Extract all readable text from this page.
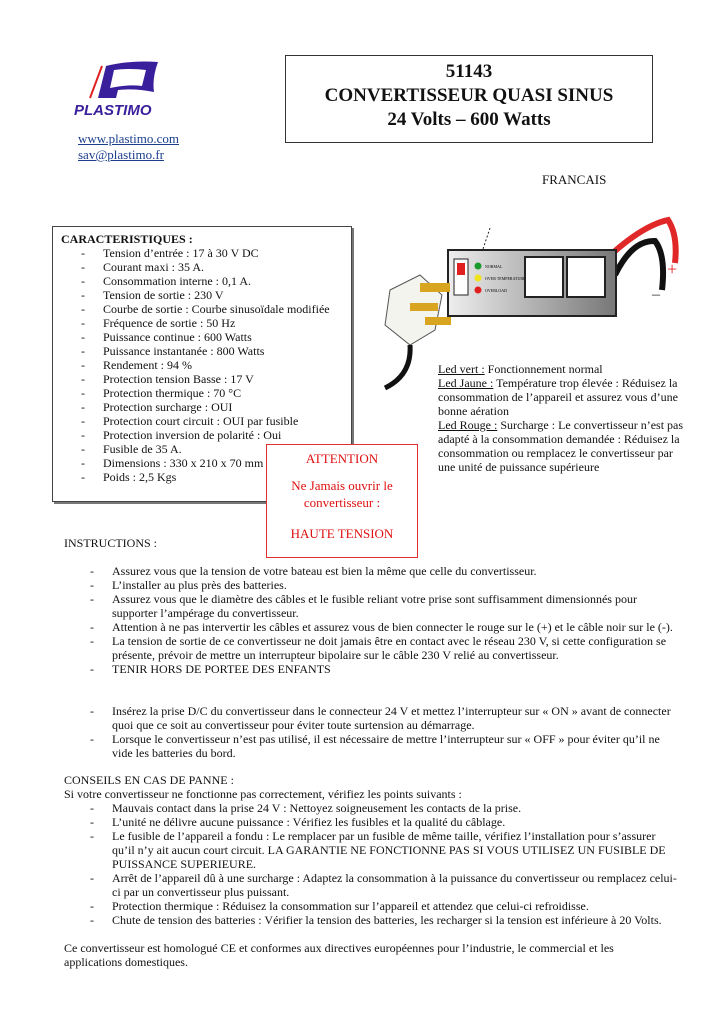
PLASTIMO
www.plastimo.com
sav@plastimo.fr
51143
CONVERTISSEUR QUASI SINUS
24 Volts – 600 Watts
FRANCAIS
CARACTERISTIQUES :
- Tension d’entrée : 17 à 30 V DC
- Courant maxi : 35 A.
- Consommation interne : 0,1 A.
- Tension de sortie : 230 V
- Courbe de sortie : Courbe sinusoïdale modifiée
- Fréquence de sortie : 50 Hz
- Puissance continue : 600 Watts
- Puissance instantanée : 800 Watts
- Rendement : 94 %
- Protection tension Basse : 17 V
- Protection thermique : 70 °C
- Protection surcharge : OUI
- Protection court circuit : OUI par fusible
- Protection inversion de polarité : Oui
- Fusible de 35 A.
- Dimensions : 330 x 210 x 70 mm
- Poids : 2,5 Kgs
+
–
NORMAL
OVER TEMPERATURE
OVERLOAD
Led vert : Fonctionnement normal
Led Jaune : Température trop élevée : Réduisez la consommation de l’appareil et assurez vous d’une bonne aération
Led Rouge : Surcharge : Le convertisseur n’est pas adapté à la consommation demandée : Réduisez la consommation ou remplacez le convertisseur par une unité de puissance supérieure
ATTENTION
Ne Jamais ouvrir le convertisseur :
HAUTE TENSION
INSTRUCTIONS :
- Assurez vous que la tension de votre bateau est bien la même que celle du convertisseur.
- L’installer au plus près des batteries.
- Assurez vous que le diamètre des câbles et le fusible reliant votre prise sont suffisamment dimensionnés pour supporter l’ampérage du convertisseur.
- Attention à ne pas intervertir les câbles et assurez vous de bien connecter le rouge sur le (+) et le câble noir sur le (-).
- La tension de sortie de ce convertisseur ne doit jamais être en contact avec le réseau 230 V, si cette configuration se présente, prévoir de mettre un interrupteur bipolaire sur le câble 230 V relié au convertisseur.
- TENIR HORS DE PORTEE DES ENFANTS
- Insérez la prise D/C du convertisseur dans le connecteur 24 V et mettez l’interrupteur sur « ON » avant de connecter quoi que ce soit au convertisseur pour éviter toute surtension au démarrage.
- Lorsque le convertisseur n’est pas utilisé, il est nécessaire de mettre l’interrupteur sur « OFF » pour éviter qu’il ne vide les batteries du bord.
CONSEILS EN CAS DE PANNE :
Si votre convertisseur ne fonctionne pas correctement, vérifiez les points suivants :
- Mauvais contact dans la prise 24 V : Nettoyez soigneusement les contacts de la prise.
- L’unité ne délivre aucune puissance : Vérifiez les fusibles et la qualité du câblage.
- Le fusible de l’appareil a fondu : Le remplacer par un fusible de même taille, vérifiez l’installation pour s’assurer qu’il n’y ait aucun court circuit. LA GARANTIE NE FONCTIONNE PAS SI VOUS UTILISEZ UN FUSIBLE DE PUISSANCE SUPERIEURE.
- Arrêt de l’appareil dû à une surcharge : Adaptez la consommation à la puissance du convertisseur ou remplacez celui-ci par un convertisseur plus puissant.
- Protection thermique : Réduisez la consommation sur l’appareil et attendez que celui-ci refroidisse.
- Chute de tension des batteries : Vérifier la tension des batteries, les recharger si la tension est inférieure à 20 Volts.
Ce convertisseur est homologué CE et conformes aux directives européennes pour l’industrie, le commercial et les applications domestiques.
